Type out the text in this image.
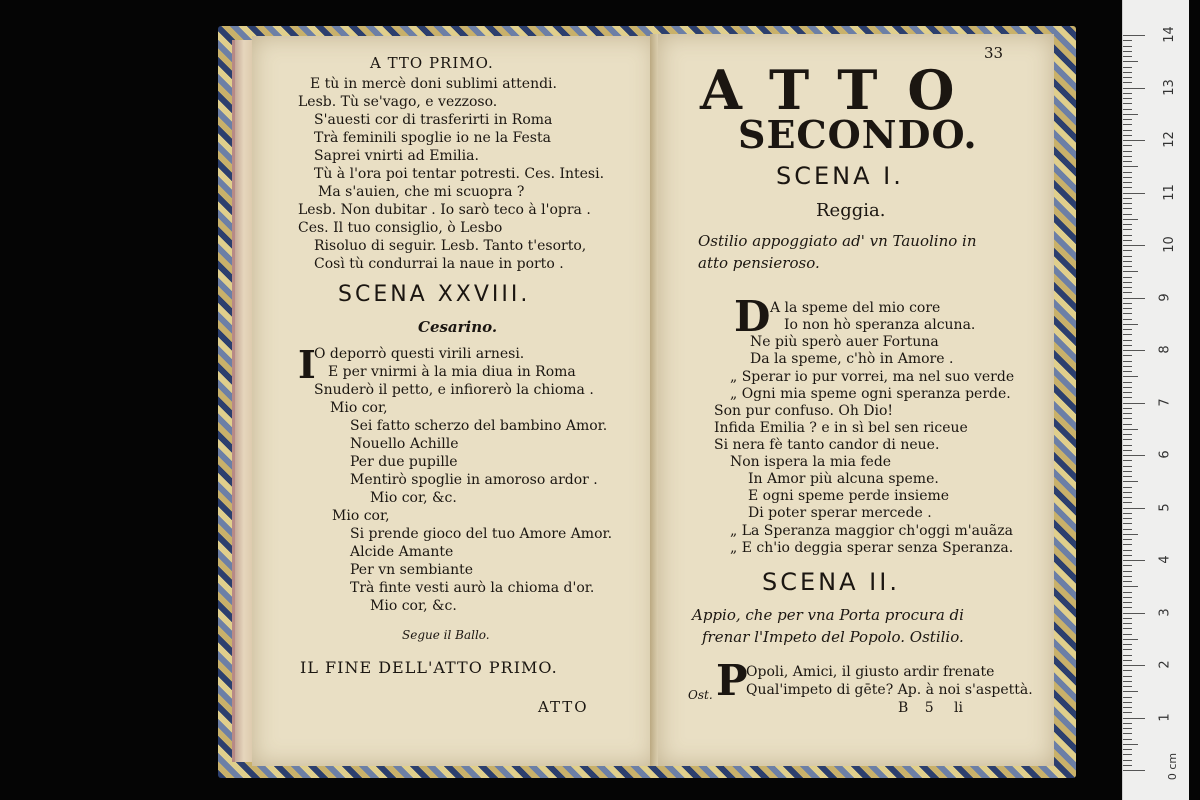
A TTO PRIMO.
E tù in mercè doni sublimi attendi.
Lesb. Tù se'vago, e vezzoso.
S'auesti cor di trasferirti in Roma
Trà feminili spoglie io ne la Festa
Saprei vnirti ad Emilia.
Tù à l'ora poi tentar potresti. Ces. Intesi.
Ma s'auien, che mi scuopra ?
Lesb. Non dubitar . Io sarò teco à l'opra .
Ces. Il tuo consiglio, ò Lesbo
Risoluo di seguir. Lesb. Tanto t'esorto,
Così tù condurrai la naue in porto .
SCENA XXVIII.
Cesarino.
I
O deporrò questi virili arnesi.
E per vnirmi à la mia diua in Roma
Snuderò il petto, e infiorerò la chioma .
Mio cor,
Sei fatto scherzo del bambino Amor.
Nouello Achille
Per due pupille
Mentirò spoglie in amoroso ardor .
Mio cor, &c.
Mio cor,
Si prende gioco del tuo Amore Amor.
Alcide Amante
Per vn sembiante
Trà finte vesti aurò la chioma d'or.
Mio cor, &c.
Segue il Ballo.
IL FINE DELL'ATTO PRIMO.
ATTO
33
ATTO
SECONDO.
SCENA I.
Reggia.
Ostilio appoggiato ad' vn Tauolino in
atto pensieroso.
D A la speme del mio core
Io non hò speranza alcuna.
Ne più sperò auer Fortuna
Da la speme, c'hò in Amore .
„ Sperar io pur vorrei, ma nel suo verde
„ Ogni mia speme ogni speranza perde.
Son pur confuso. Oh Dio!
Infida Emilia ? e in sì bel sen riceue
Si nera fè tanto candor di neue.
Non ispera la mia fede
In Amor più alcuna speme.
E ogni speme perde insieme
Di poter sperar mercede .
„ La Speranza maggior ch'oggi m'auãza
„ E ch'io deggia sperar senza Speranza.
SCENA II.
Appio, che per vna Porta procura di
frenar l'Impeto del Popolo. Ostilio.
Ost. P
Opoli, Amici, il giusto ardir frenate
Qual'impeto di gēte? Ap. à noi s'aspettà.
B 5 li
0 cm
1
2
3
4
5
6
7
8
9
10
11
12
13
14
